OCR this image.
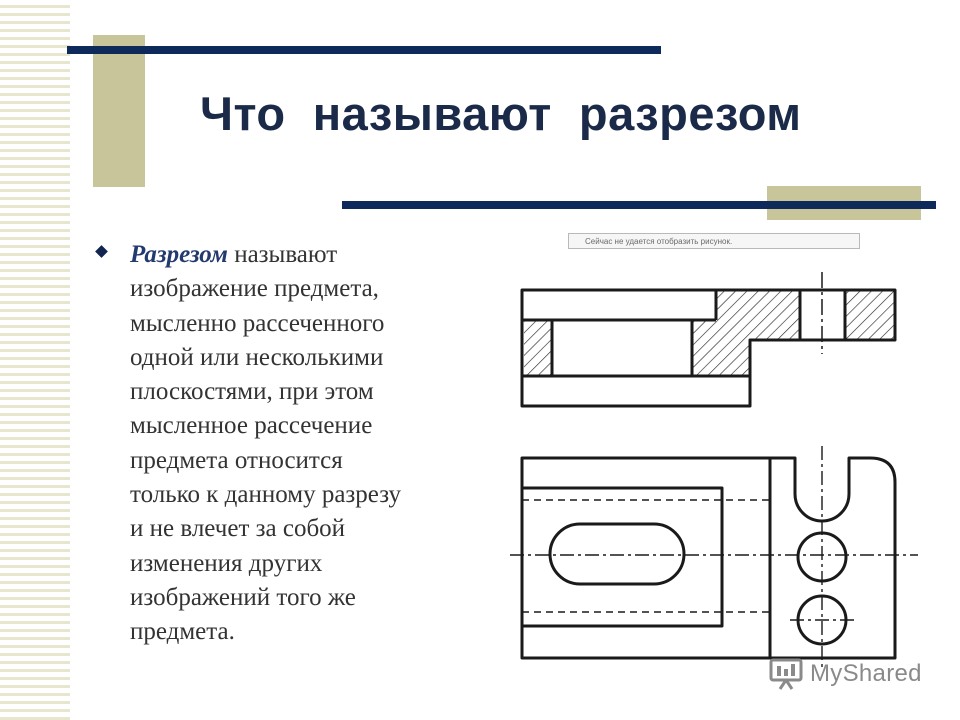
Что  называют  разрезом

Разрезом называют
изображение предмета,
мысленно рассеченного
одной или несколькими
плоскостями, при этом
мысленное рассечение
предмета относится
только к данному разрезу
и не влечет за собой
изменения других
изображений того же
предмета.

Сейчас не удается отобразить рисунок.
MyShared
